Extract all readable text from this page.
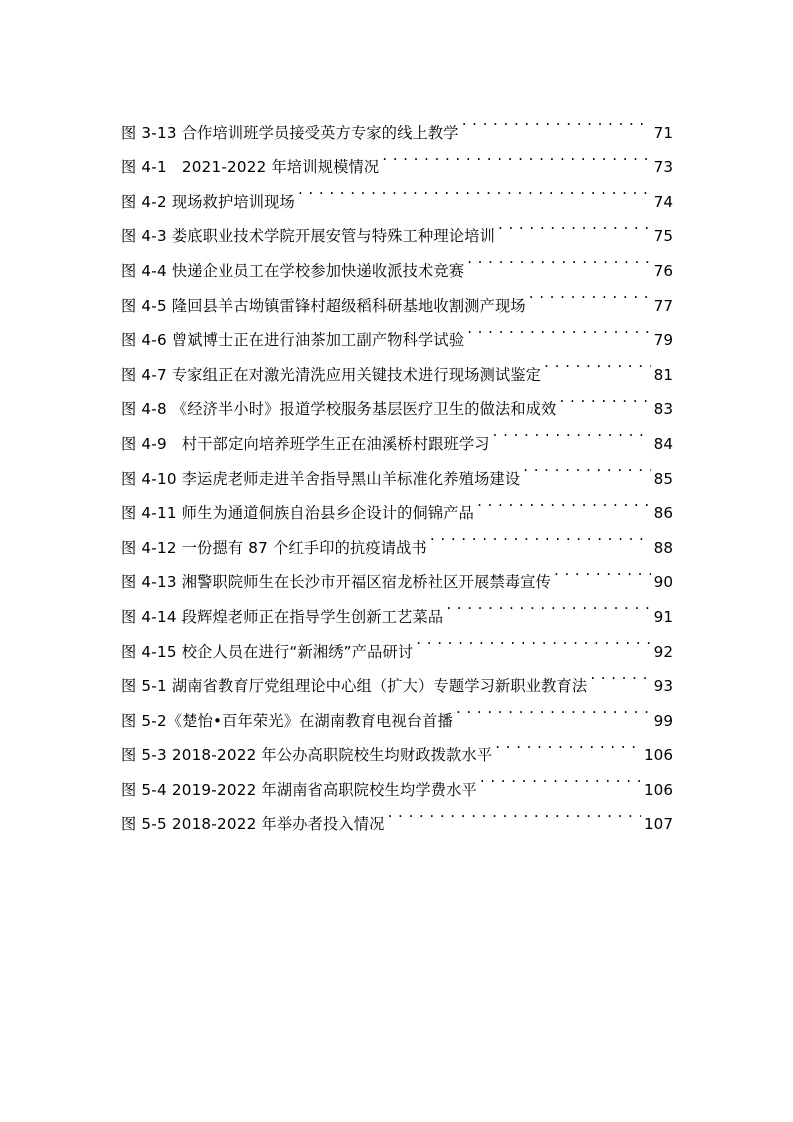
图 3-13 合作培训班学员接受英方专家的线上教学 . . .	71
图 4-1   2021-2022 年培训规模情况 . . .	73
图 4-2 现场救护培训现场 . . .	74
图 4-3 娄底职业技术学院开展安管与特殊工种理论培训 . . .	75
图 4-4 快递企业员工在学校参加快递收派技术竞赛 . . .	76
图 4-5 隆回县羊古坳镇雷锋村超级稻科研基地收割测产现场 . . .	77
图 4-6 曾斌博士正在进行油茶加工副产物科学试验 . . .	79
图 4-7 专家组正在对激光清洗应用关键技术进行现场测试鉴定 . . .	81
图 4-8 《经济半小时》报道学校服务基层医疗卫生的做法和成效 . . .	83
图 4-9   村干部定向培养班学生正在油溪桥村跟班学习 . . .	84
图 4-10 李运虎老师走进羊舍指导黑山羊标准化养殖场建设 . . .	85
图 4-11 师生为通道侗族自治县乡企设计的侗锦产品 . . .	86
图 4-12 一份摁有 87 个红手印的抗疫请战书 . . .	88
图 4-13 湘警职院师生在长沙市开福区宿龙桥社区开展禁毒宣传 . . .	90
图 4-14 段辉煌老师正在指导学生创新工艺菜品 . . .	91
图 4-15 校企人员在进行“新湘绣”产品研讨 . . .	92
图 5-1 湖南省教育厅党组理论中心组（扩大）专题学习新职业教育法 . . .	93
图 5-2《楚怡•百年荣光》在湖南教育电视台首播 . . .	99
图 5-3 2018-2022 年公办高职院校生均财政拨款水平 . . .	106
图 5-4 2019-2022 年湖南省高职院校生均学费水平 . . .	106
图 5-5 2018-2022 年举办者投入情况 . . .	107
